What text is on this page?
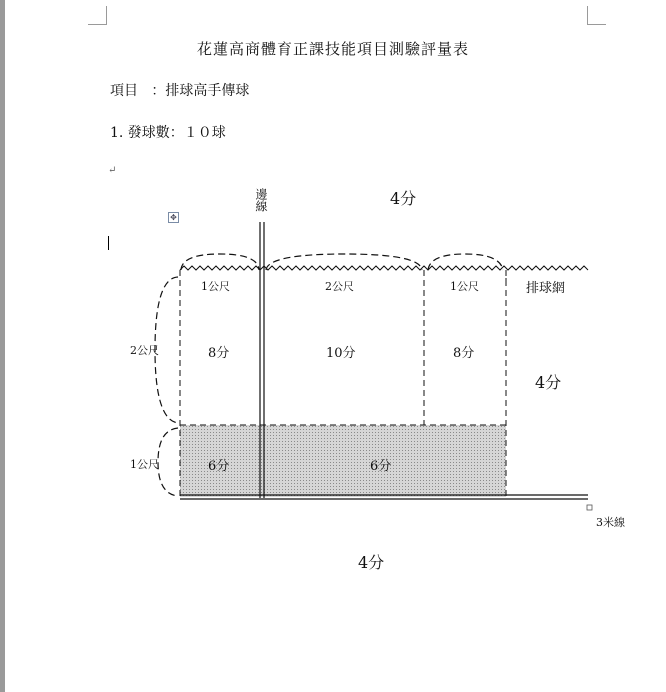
花蓮高商體育正課技能項目測驗評量表
項目 ：排球高手傳球
1. 發球數：１０球
↵
✥
邊線	4分
1公尺	2公尺	1公尺	排球網
2公尺
1公尺
8分	10分	8分
4分
6分	6分
3米線
4分
